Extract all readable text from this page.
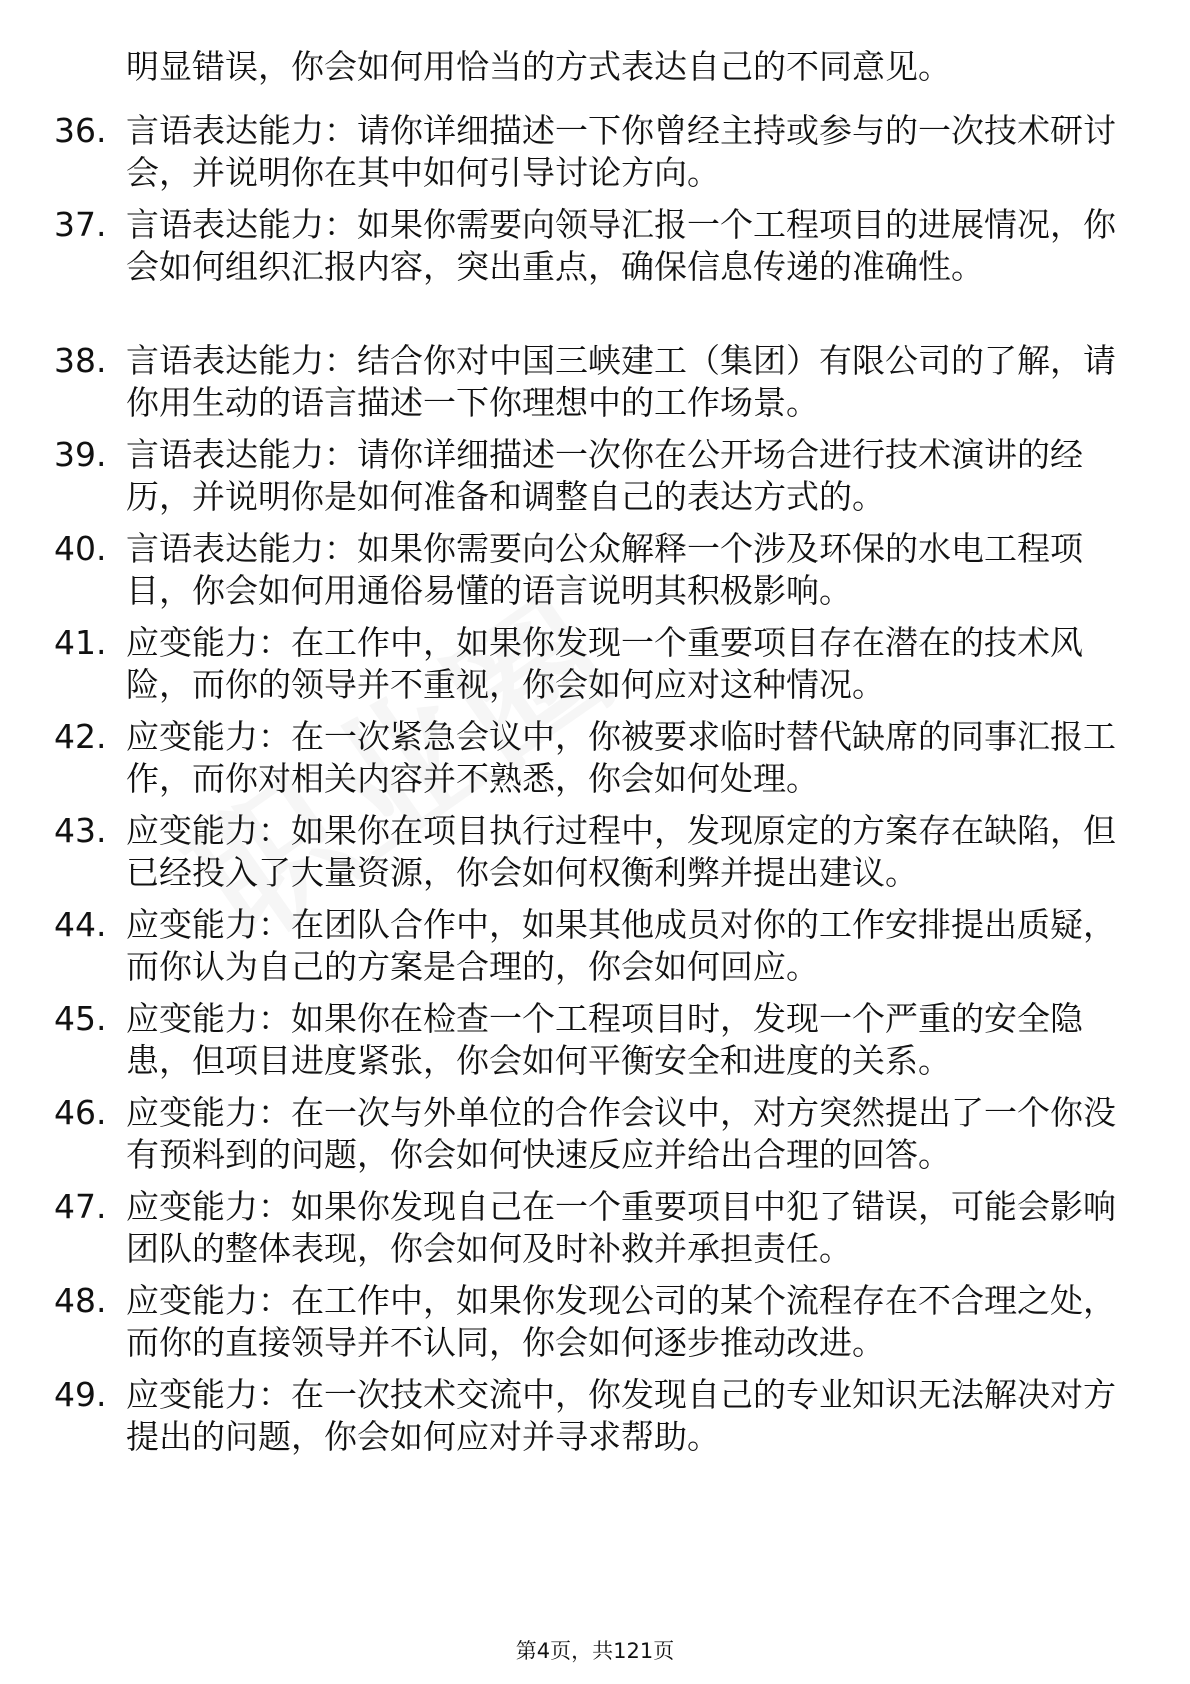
明显错误，你会如何用恰当的方式表达自己的不同意见。
36. 言语表达能力：请你详细描述一下你曾经主持或参与的一次技术研讨会，并说明你在其中如何引导讨论方向。
37. 言语表达能力：如果你需要向领导汇报一个工程项目的进展情况，你会如何组织汇报内容，突出重点，确保信息传递的准确性。
38. 言语表达能力：结合你对中国三峡建工（集团）有限公司的了解，请你用生动的语言描述一下你理想中的工作场景。
39. 言语表达能力：请你详细描述一次你在公开场合进行技术演讲的经历，并说明你是如何准备和调整自己的表达方式的。
40. 言语表达能力：如果你需要向公众解释一个涉及环保的水电工程项目，你会如何用通俗易懂的语言说明其积极影响。
41. 应变能力：在工作中，如果你发现一个重要项目存在潜在的技术风险，而你的领导并不重视，你会如何应对这种情况。
42. 应变能力：在一次紧急会议中，你被要求临时替代缺席的同事汇报工作，而你对相关内容并不熟悉，你会如何处理。
43. 应变能力：如果你在项目执行过程中，发现原定的方案存在缺陷，但已经投入了大量资源，你会如何权衡利弊并提出建议。
44. 应变能力：在团队合作中，如果其他成员对你的工作安排提出质疑，而你认为自己的方案是合理的，你会如何回应。
45. 应变能力：如果你在检查一个工程项目时，发现一个严重的安全隐患，但项目进度紧张，你会如何平衡安全和进度的关系。
46. 应变能力：在一次与外单位的合作会议中，对方突然提出了一个你没有预料到的问题，你会如何快速反应并给出合理的回答。
47. 应变能力：如果你发现自己在一个重要项目中犯了错误，可能会影响团队的整体表现，你会如何及时补救并承担责任。
48. 应变能力：在工作中，如果你发现公司的某个流程存在不合理之处，而你的直接领导并不认同，你会如何逐步推动改进。
49. 应变能力：在一次技术交流中，你发现自己的专业知识无法解决对方提出的问题，你会如何应对并寻求帮助。
第4页，共121页
